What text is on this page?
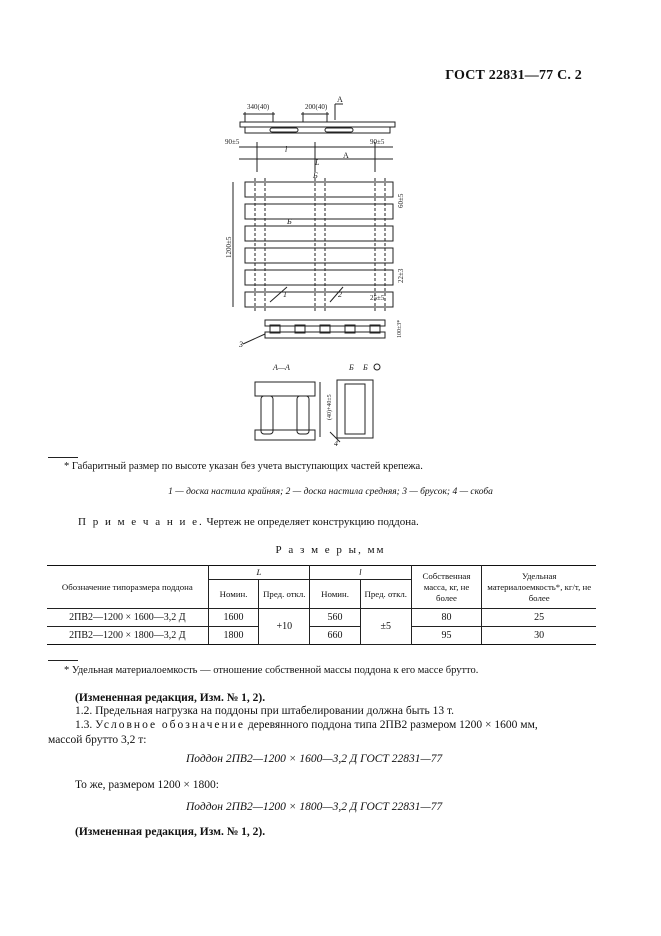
ГОСТ 22831—77 С. 2
340(40)	200(40)
A
90±5	90±5
l
L
A
Б
1200±5
60±5
22±3
Б
25±5
1	2
3
100±3*
А—А	Б Б
(40)+40±5
4
* Габаритный размер по высоте указан без учета выступающих частей крепежа.
1 — доска настила крайняя; 2 — доска настила средняя; 3 — брусок; 4 — скоба
П р и м е ч а н и е. Чертеж не определяет конструкцию поддона.
Р а з м е р ы, мм
Обозначение типоразмера поддона	L		l		Собственная масса, кг, не более	Удельная материалоемкость*, кг/т, не более
	Номин.	Пред. откл.	Номин.	Пред. откл.		
2ПВ2—1200 × 1600—3,2 Д	1600	+10	560	±5	80	25
2ПВ2—1200 × 1800—3,2 Д	1800		660		95	30
* Удельная материалоемкость — отношение собственной массы поддона к его массе брутто.
(Измененная редакция, Изм. № 1, 2).
1.2. Предельная нагрузка на поддоны при штабелировании должна быть 13 т.
1.3. Условное обозначение деревянного поддона типа 2ПВ2 размером 1200 × 1600 мм,
массой брутто 3,2 т:
Поддон 2ПВ2—1200 × 1600—3,2 Д ГОСТ 22831—77
То же, размером 1200 × 1800:
Поддон 2ПВ2—1200 × 1800—3,2 Д ГОСТ 22831—77
(Измененная редакция, Изм. № 1, 2).
